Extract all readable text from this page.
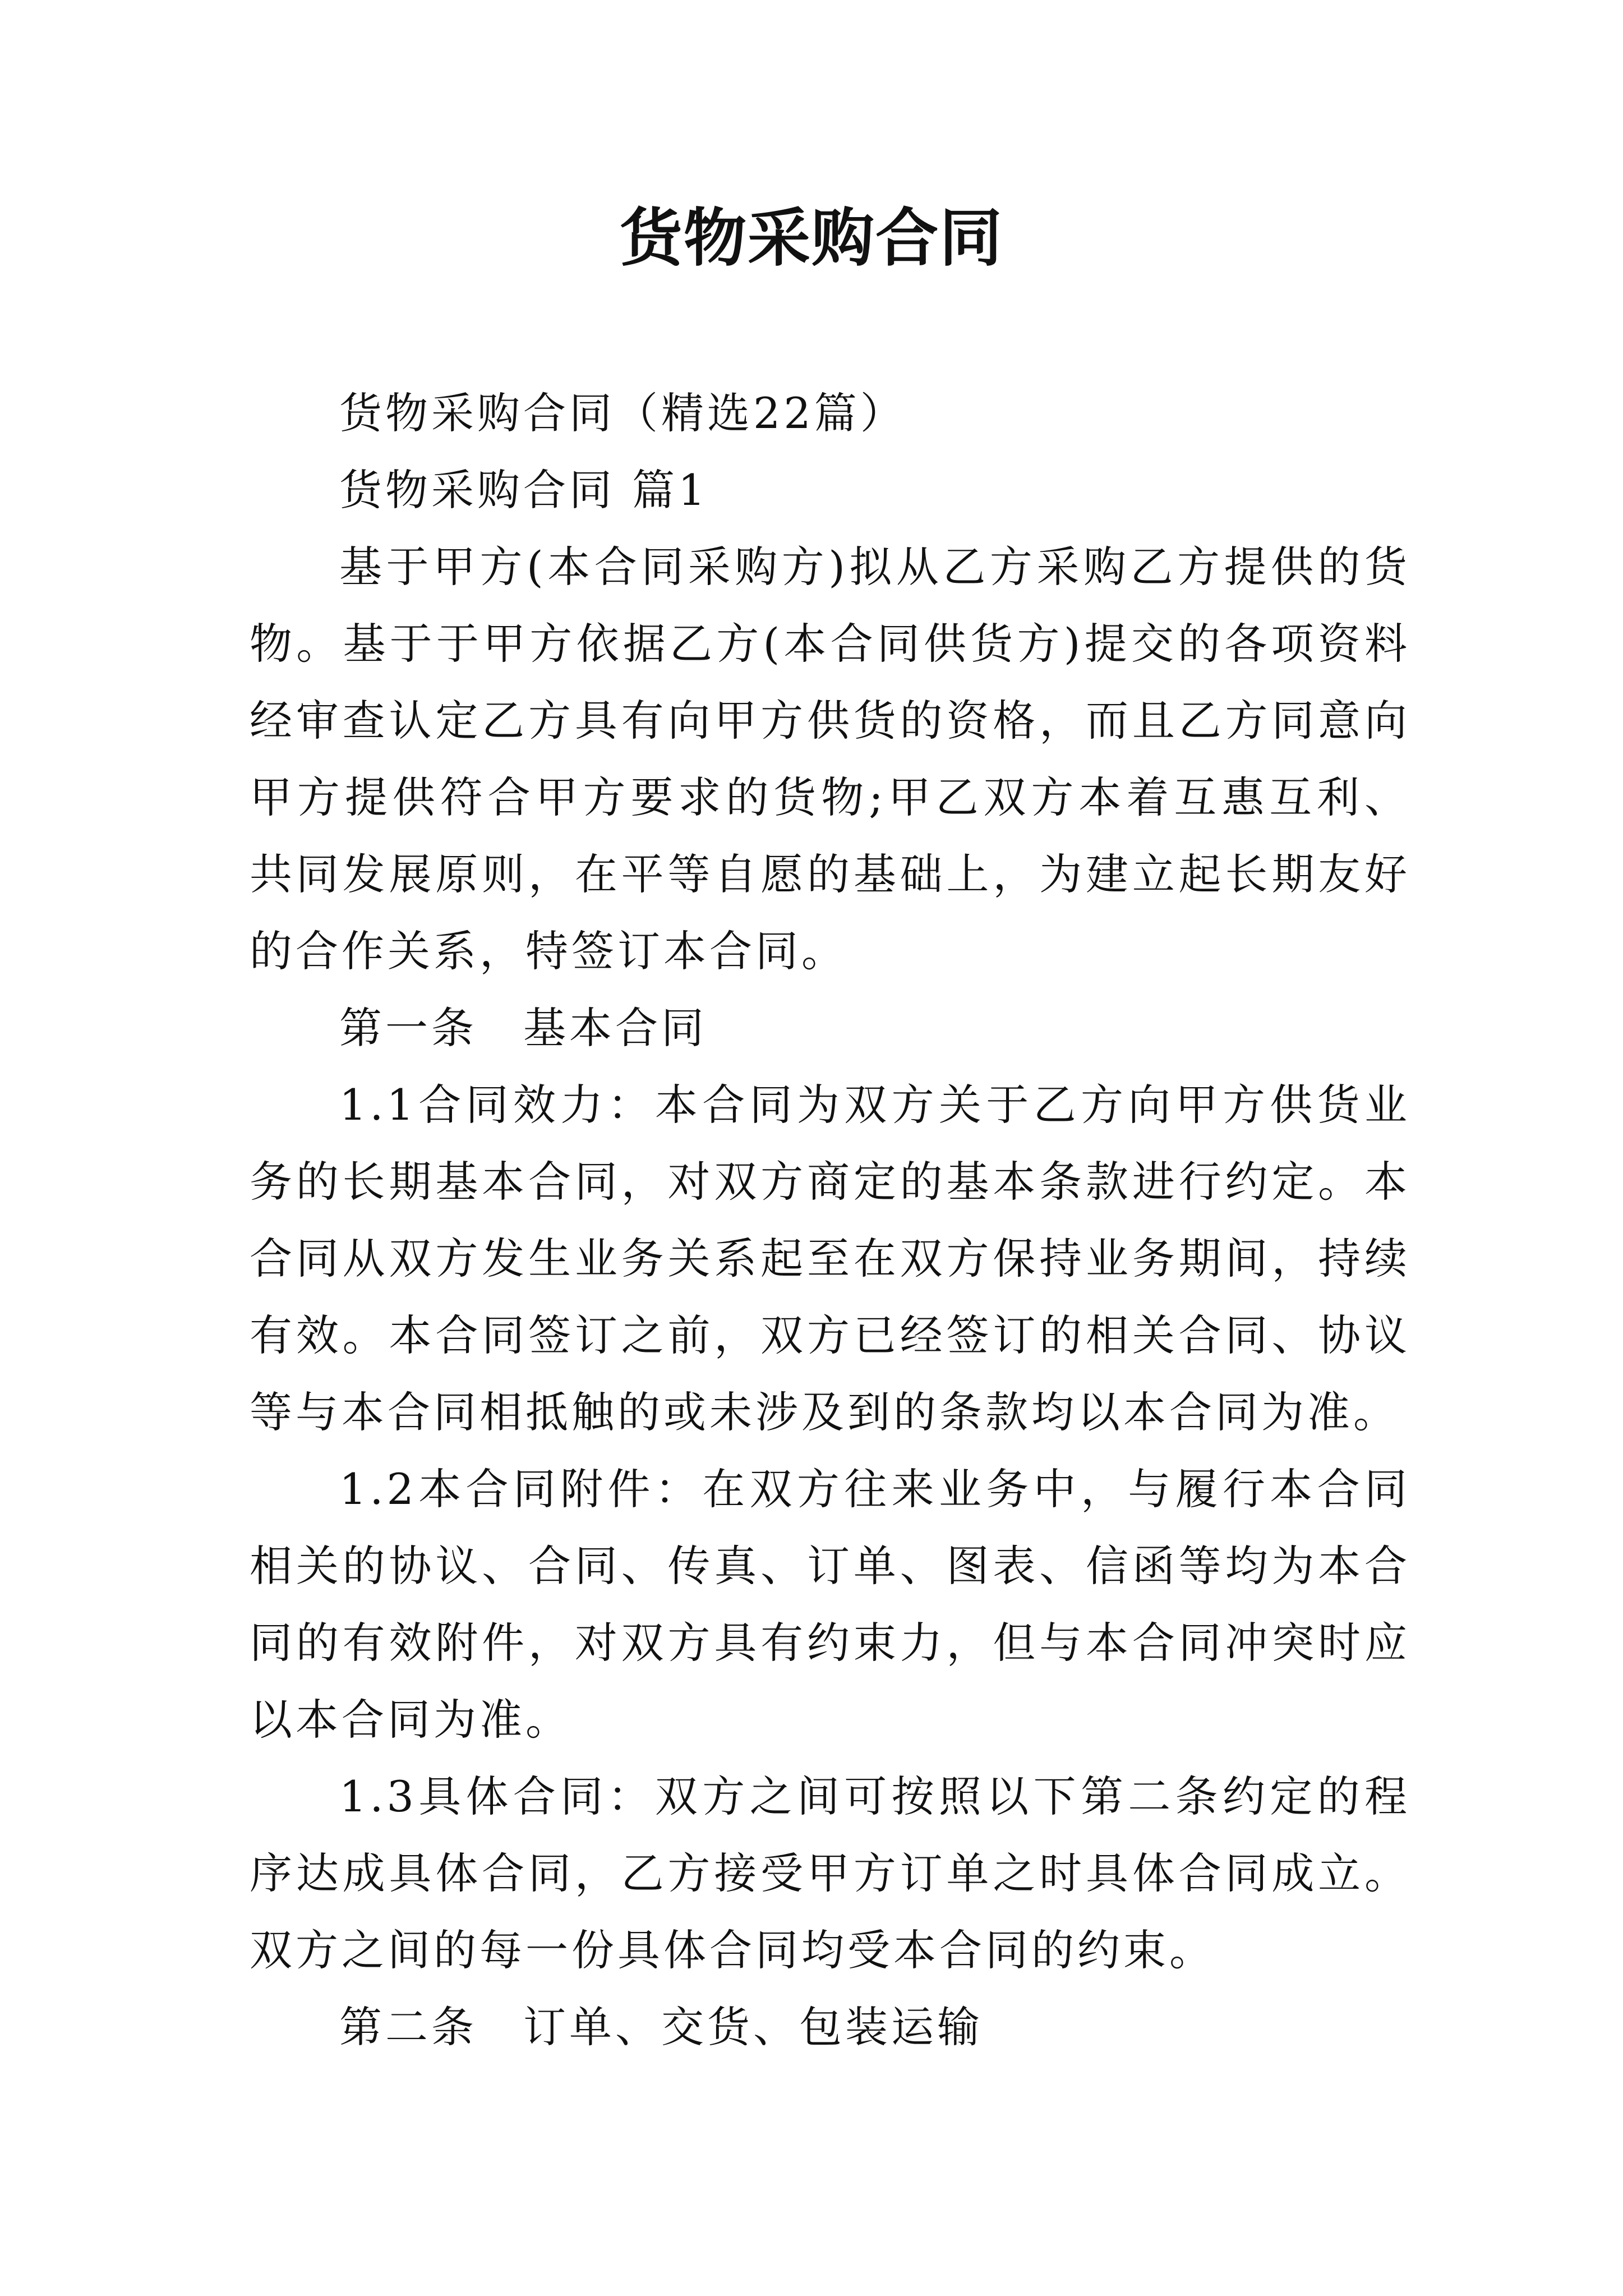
货物采购合同

货物采购合同（精选22篇）

货物采购合同 篇1

基于甲方(本合同采购方)拟从乙方采购乙方提供的货物。基于于甲方依据乙方(本合同供货方)提交的各项资料经审查认定乙方具有向甲方供货的资格，而且乙方同意向甲方提供符合甲方要求的货物;甲乙双方本着互惠互利、共同发展原则，在平等自愿的基础上，为建立起长期友好的合作关系，特签订本合同。

第一条　基本合同

1.1合同效力：本合同为双方关于乙方向甲方供货业务的长期基本合同，对双方商定的基本条款进行约定。本合同从双方发生业务关系起至在双方保持业务期间，持续有效。本合同签订之前，双方已经签订的相关合同、协议等与本合同相抵触的或未涉及到的条款均以本合同为准。

1.2本合同附件：在双方往来业务中，与履行本合同相关的协议、合同、传真、订单、图表、信函等均为本合同的有效附件，对双方具有约束力，但与本合同冲突时应以本合同为准。

1.3具体合同：双方之间可按照以下第二条约定的程序达成具体合同，乙方接受甲方订单之时具体合同成立。双方之间的每一份具体合同均受本合同的约束。

第二条　订单、交货、包装运输
